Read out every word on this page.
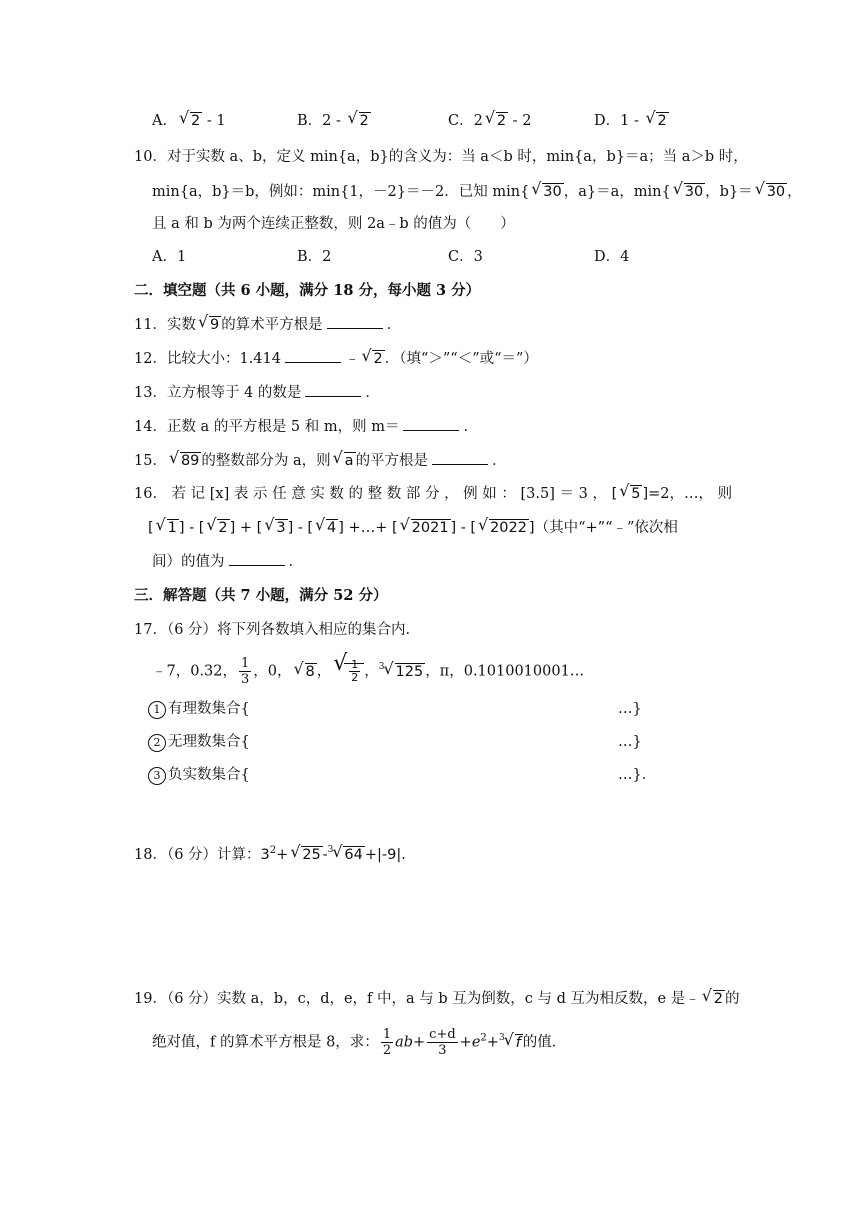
A． √ 2 - 1	B．2 - √ 2	C．2 √ 2 - 2	D．1 - √ 2
10．对于实数 a、b，定义 min{a，b}的含义为：当 a＜b 时，min{a，b}＝a；当 a＞b 时，
min{a，b}＝b，例如：min{1，－2}＝－2．已知 min{ √ 30 ，a}＝a，min{ √ 30 ，b}＝ √ 30 ，
且 a 和 b 为两个连续正整数，则 2a﹣b 的值为（　　）
A．1	B．2	C．3	D．4
二．填空题（共 6 小题，满分 18 分，每小题 3 分）
11．实数 √ 9 的算术平方根是	．
12．比较大小：1.414	﹣ √ 2 ．（填“＞”“＜”或“＝”）
13．立方根等于 4 的数是	．
14．正数 a 的平方根是 5 和 m，则 m＝	．
15． √ 89 的整数部分为 a，则 √ a 的平方根是	．
16． 若 记 [x] 表 示 任 意 实 数 的 整 数 部 分 ， 例 如 ： [3.5] ＝ 3 ， [ √ 5 ]=2，…， 则
[ √ 1 ] - [ √ 2 ] + [ √ 3 ] - [ √ 4 ] +…+ [ √ 2021 ] - [ √ 2022 ]（其中“+”“﹣”依次相
间）的值为	．
三．解答题（共 7 小题，满分 52 分）
17．（6 分）将下列各数填入相应的集合内．
﹣7，0.32， $\frac{1}{3}$ ，0， √ 8 ， √ $\frac{1}{2}$ ，$^3$ √ 125 ，π，0.1010010001…
1 有理数集合{	…}
2 无理数集合{	…}
3 负实数集合{	…}．
18．（6 分）计算：$3^2+$ √ 25 -$^3$ √ 64 +|-9|.
19．（6 分）实数 a，b，c，d，e，f 中，a 与 b 互为倒数，c 与 d 互为相反数，e 是﹣ √ 2 的
绝对值，f 的算术平方根是 8，求： $\frac{1}{2} ab+ \frac{c+d}{3} +e^2+^3$ √ f 的值．
